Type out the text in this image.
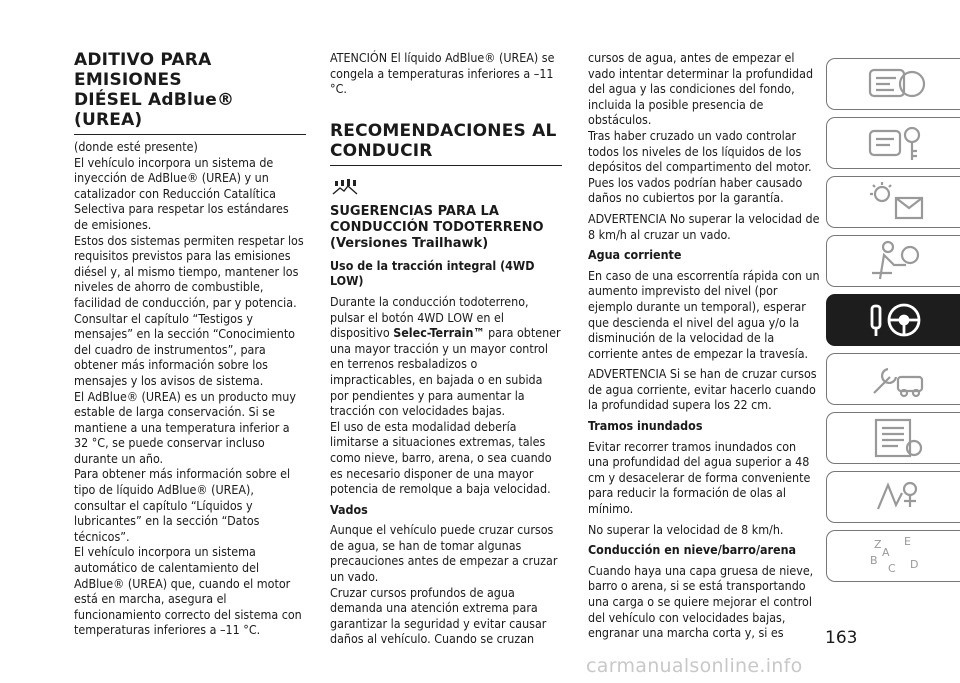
ADITIVO PARA EMISIONES
DIÉSEL AdBlue® (UREA)

(donde esté presente)

El vehículo incorpora un sistema de inyección de AdBlue® (UREA) y un catalizador con Reducción Catalítica Selectiva para respetar los estándares de emisiones.

Estos dos sistemas permiten respetar los requisitos previstos para las emisiones diésel y, al mismo tiempo, mantener los niveles de ahorro de combustible, facilidad de conducción, par y potencia. Consultar el capítulo “Testigos y mensajes” en la sección “Conocimiento del cuadro de instrumentos”, para obtener más información sobre los mensajes y los avisos de sistema.

El AdBlue® (UREA) es un producto muy estable de larga conservación. Si se mantiene a una temperatura inferior a 32 °C, se puede conservar incluso durante un año.

Para obtener más información sobre el tipo de líquido AdBlue® (UREA), consultar el capítulo “Líquidos y lubricantes” en la sección “Datos técnicos”.

El vehículo incorpora un sistema automático de calentamiento del AdBlue® (UREA) que, cuando el motor está en marcha, asegura el funcionamiento correcto del sistema con temperaturas inferiores a –11 °C.

ATENCIÓN El líquido AdBlue® (UREA) se congela a temperaturas inferiores a –11 °C.

RECOMENDACIONES AL
CONDUCIR
SUGERENCIAS PARA LA CONDUCCIÓN TODOTERRENO (Versiones Trailhawk)

Uso de la tracción integral (4WD LOW)

Durante la conducción todoterreno, pulsar el botón 4WD LOW en el dispositivo Selec-Terrain™ para obtener una mayor tracción y un mayor control en terrenos resbaladizos o impracticables, en bajada o en subida por pendientes y para aumentar la tracción con velocidades bajas.

El uso de esta modalidad debería limitarse a situaciones extremas, tales como nieve, barro, arena, o sea cuando es necesario disponer de una mayor potencia de remolque a baja velocidad.

Vados

Aunque el vehículo puede cruzar cursos de agua, se han de tomar algunas precauciones antes de empezar a cruzar un vado.

Cruzar cursos profundos de agua demanda una atención extrema para garantizar la seguridad y evitar causar daños al vehículo. Cuando se cruzan

cursos de agua, antes de empezar el vado intentar determinar la profundidad del agua y las condiciones del fondo, incluida la posible presencia de obstáculos.

Tras haber cruzado un vado controlar todos los niveles de los líquidos de los depósitos del compartimento del motor. Pues los vados podrían haber causado daños no cubiertos por la garantía.

ADVERTENCIA No superar la velocidad de 8 km/h al cruzar un vado.

Agua corriente

En caso de una escorrentía rápida con un aumento imprevisto del nivel (por ejemplo durante un temporal), esperar que descienda el nivel del agua y/o la disminución de la velocidad de la corriente antes de empezar la travesía.

ADVERTENCIA Si se han de cruzar cursos de agua corriente, evitar hacerlo cuando la profundidad supera los 22 cm.

Tramos inundados

Evitar recorrer tramos inundados con una profundidad del agua superior a 48 cm y desacelerar de forma conveniente para reducir la formación de olas al mínimo.

No superar la velocidad de 8 km/h.

Conducción en nieve/barro/arena

Cuando haya una capa gruesa de nieve, barro o arena, si se está transportando una carga o se quiere mejorar el control del vehículo con velocidades bajas, engranar una marcha corta y, si es

Z E
B
C D
A
163
carmanualsonline.info
